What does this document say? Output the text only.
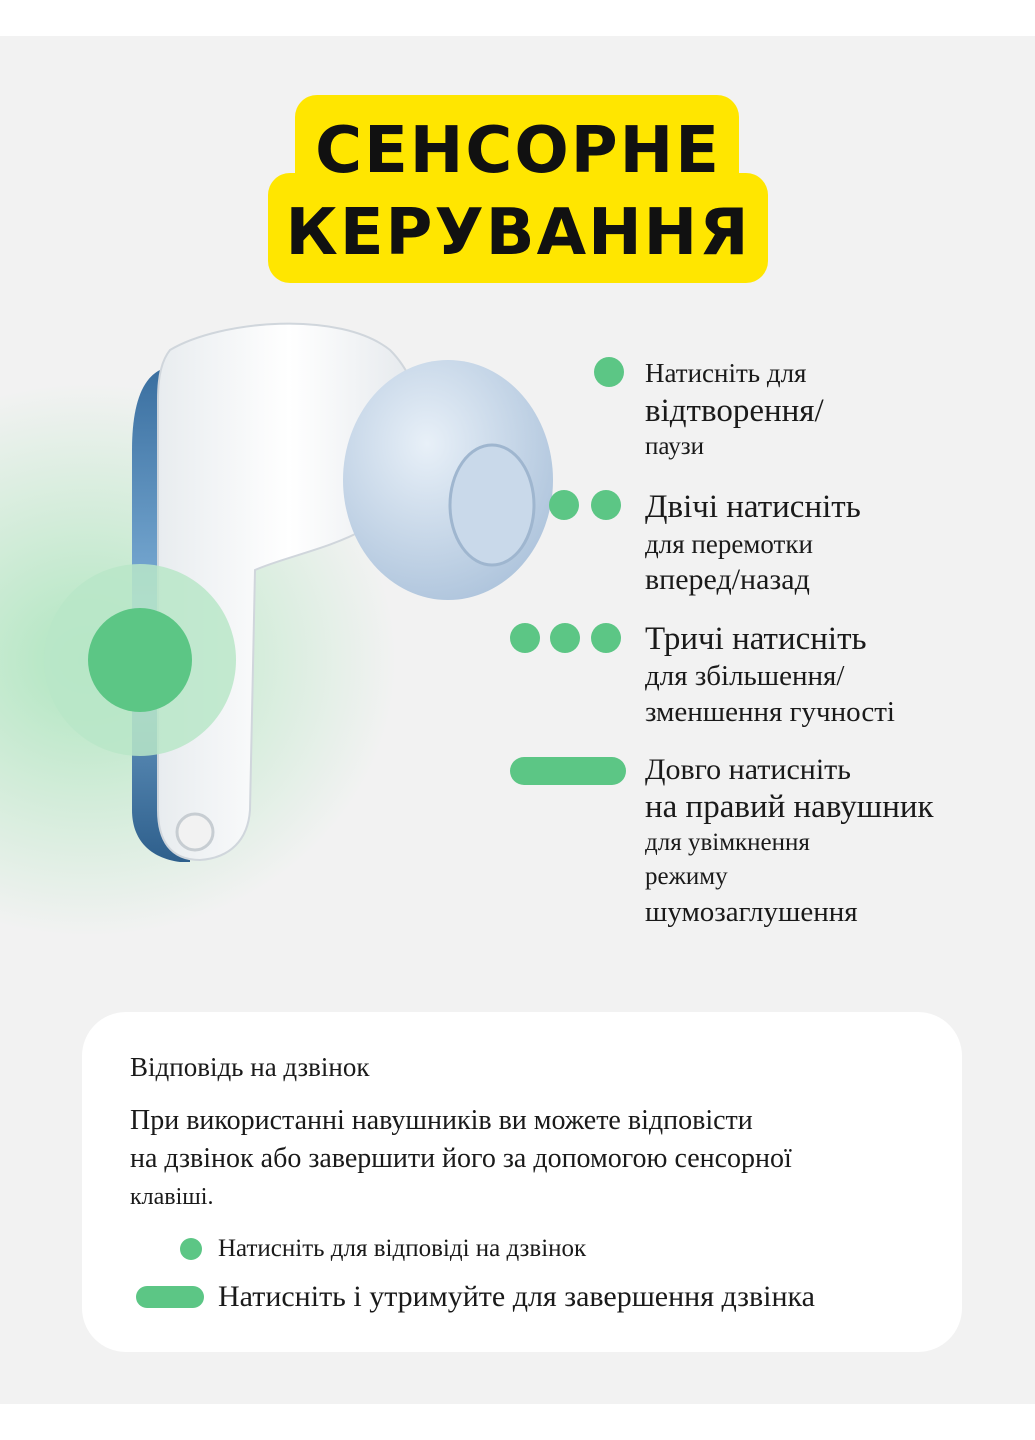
СЕНСОРНЕ
КЕРУВАННЯ
Натисніть для
відтворення/
паузи
Двічі натисніть
для перемотки
вперед/назад
Тричі натисніть
для збільшення/
зменшення гучності
Довго натисніть
на правий навушник
для увімкнення
режиму
шумозаглушення
Відповідь на дзвінок
При використанні навушників ви можете відповісти
на дзвінок або завершити його за допомогою сенсорної
клавіші.
Натисніть для відповіді на дзвінок
Натисніть і утримуйте для завершення дзвінка
